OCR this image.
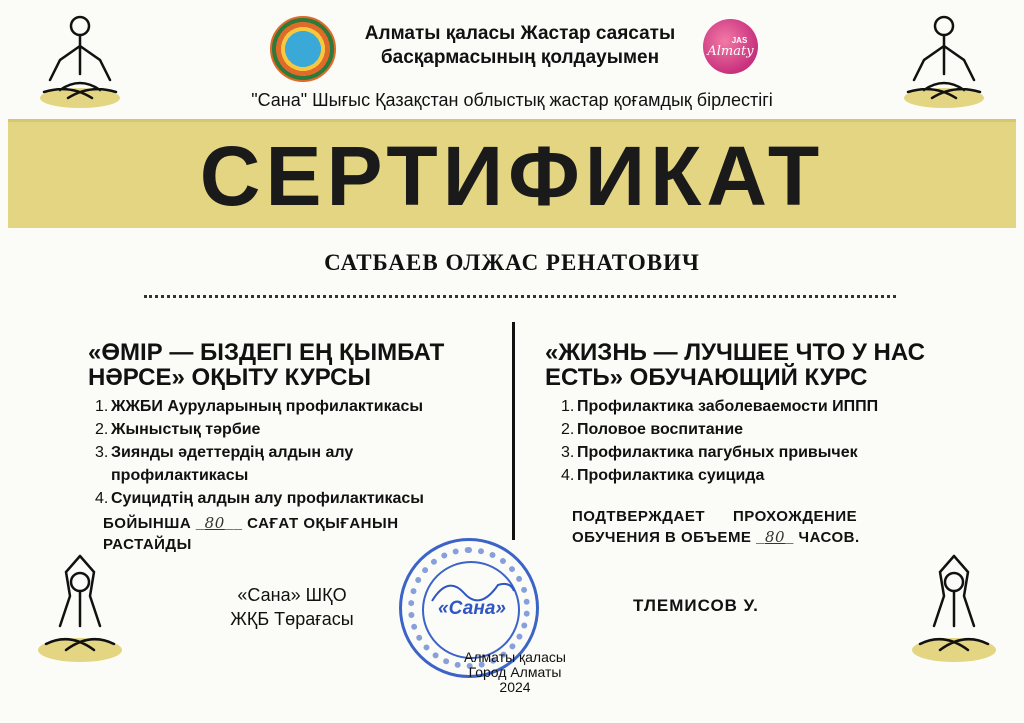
Алматы қаласы Жастар саясаты
басқармасының қолдауымен
JAS
Almaty
"Сана" Шығыс Қазақстан облыстық жастар қоғамдық бірлестігі
СЕРТИФИКАТ
САТБАЕВ ОЛЖАС РЕНАТОВИЧ
«ӨМІР — БІЗДЕГІ ЕҢ ҚЫМБАТ НӘРСЕ» ОҚЫТУ КУРСЫ
1. ЖЖБИ Ауруларының профилактикасы
2. Жыныстық тәрбие
3. Зиянды әдеттердің алдын алу профилактикасы
4. Суицидтің алдын алу профилактикасы
БОЙЫНША _80__ САҒАТ ОҚЫҒАНЫН РАСТАЙДЫ
«Сана» ШҚО
ЖҚБ Төрағасы
«ЖИЗНЬ — ЛУЧШЕЕ ЧТО У НАС ЕСТЬ» ОБУЧАЮЩИЙ КУРС
1. Профилактика заболеваемости ИППП
2. Половое воспитание
3. Профилактика пагубных привычек
4. Профилактика суицида
ПОДТВЕРЖДАЕТ      ПРОХОЖДЕНИЕ
ОБУЧЕНИЯ В ОБЪЕМЕ _80_ ЧАСОВ.
ТЛЕМИСОВ У.
«Сана»
Алматы қаласы
Город Алматы
2024
